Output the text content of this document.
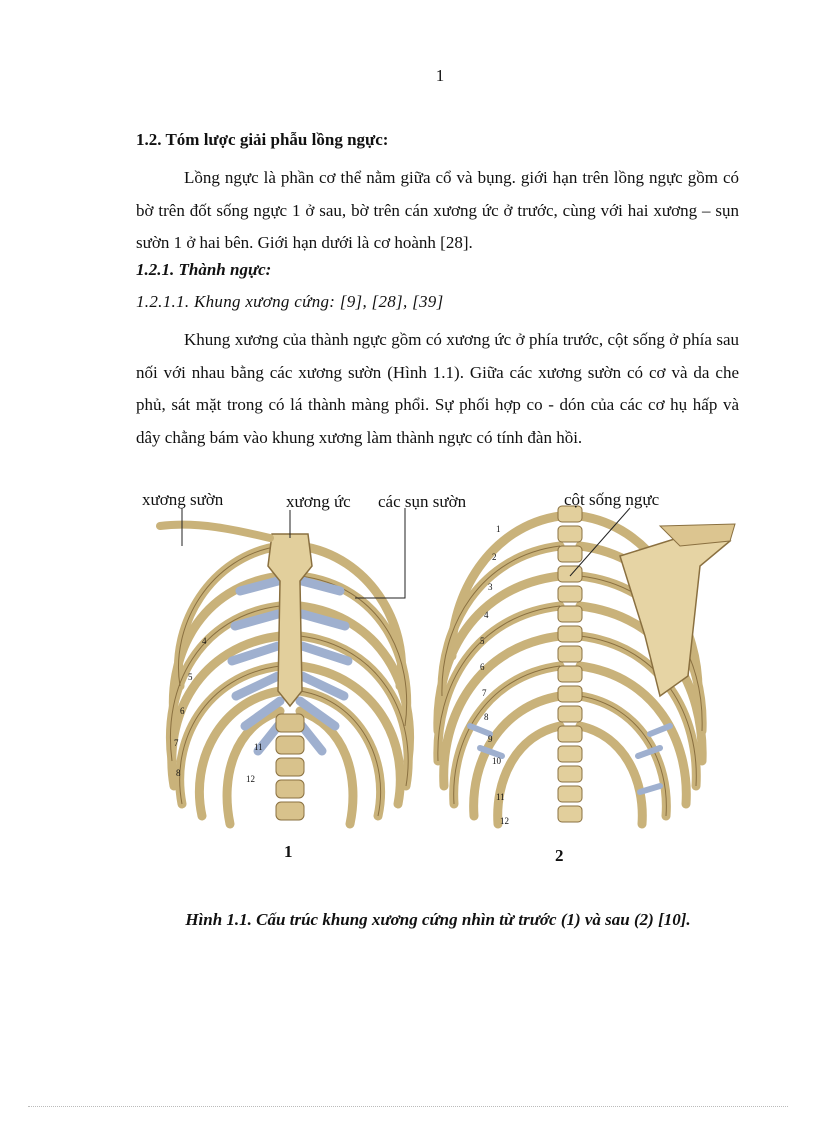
1
1.2. Tóm lược giải phẫu lồng ngực:

Lồng ngực là phần cơ thể nằm giữa cổ và bụng. giới hạn trên lồng ngực gồm có bờ trên đốt sống ngực 1 ở sau, bờ trên cán xương ức ở trước, cùng với hai xương – sụn sườn 1 ở hai bên. Giới hạn dưới là cơ hoành [28].

1.2.1. Thành ngực:
1.2.1.1. Khung xương cứng: [9], [28], [39]

Khung xương của thành ngực gồm có xương ức ở phía trước, cột sống ở phía sau nối với nhau bằng các xương sườn (Hình 1.1). Giữa các xương sườn có cơ và da che phủ, sát mặt trong có lá thành màng phổi. Sự phối hợp co - dón của các cơ hụ hấp và dây chằng bám vào khung xương làm thành ngực có tính đàn hồi.

xương sườn	xương ức các sụn sườn	cột sống ngực
1	2
4
5
6
7
8
11
12
1
2
3
4
5
6
7
8
9
10
11
12
Hình 1.1. Cấu trúc khung xương cứng nhìn từ trước (1) và sau (2) [10].
